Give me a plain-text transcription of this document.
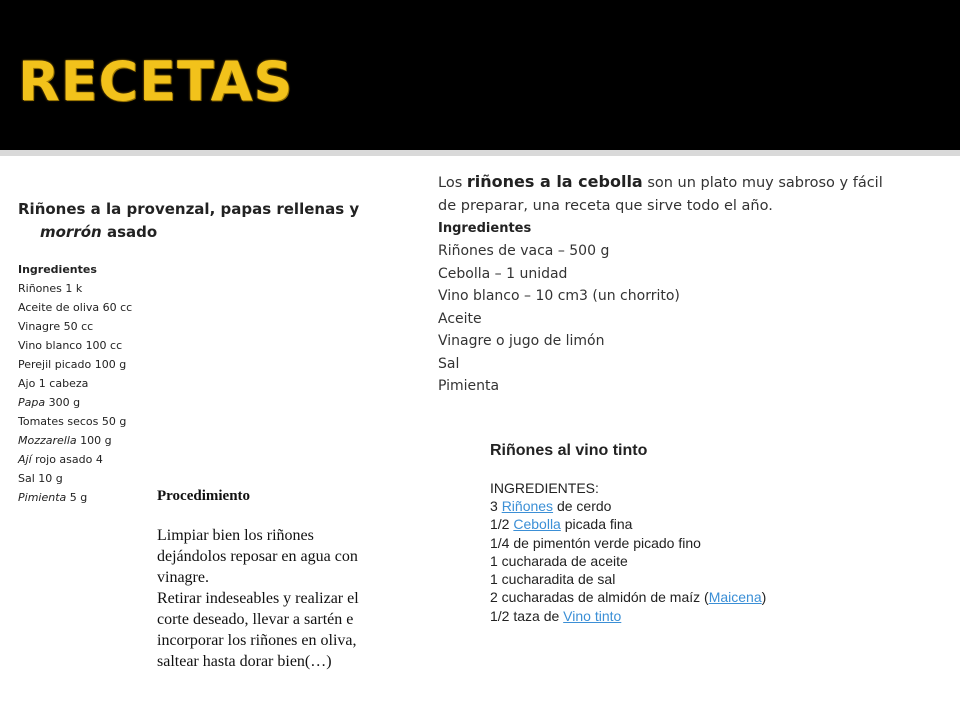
RECETAS
Riñones a la provenzal, papas rellenas y
morrón asado
Ingredientes
Riñones 1 k
Aceite de oliva 60 cc
Vinagre 50 cc
Vino blanco 100 cc
Perejil picado 100 g
Ajo 1 cabeza
Papa 300 g
Tomates secos 50 g
Mozzarella 100 g
Ají rojo asado 4
Sal 10 g
Pimienta 5 g	Procedimiento
Limpiar bien los riñones
dejándolos reposar en agua con
vinagre.
Retirar indeseables y realizar el
corte deseado, llevar a sartén e
incorporar los riñones en oliva,
saltear hasta dorar bien(…)
Los riñones a la cebolla son un plato muy sabroso y fácil
de preparar, una receta que sirve todo el año.
Ingredientes
Riñones de vaca – 500 g
Cebolla – 1 unidad
Vino blanco – 10 cm3 (un chorrito)
Aceite
Vinagre o jugo de limón
Sal
Pimienta
Riñones al vino tinto
INGREDIENTES:
3 Riñones de cerdo
1/2 Cebolla picada fina
1/4 de pimentón verde picado fino
1 cucharada de aceite
1 cucharadita de sal
2 cucharadas de almidón de maíz (Maicena)
1/2 taza de Vino tinto
